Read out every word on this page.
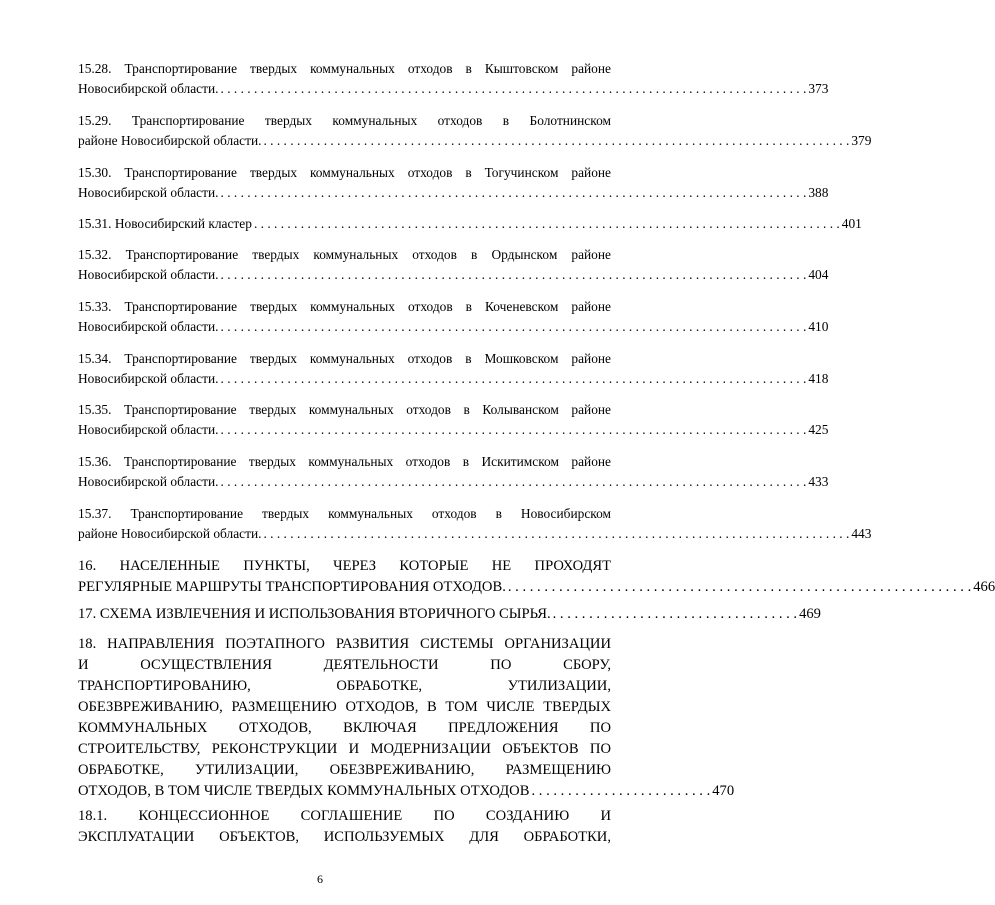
15.28. Транспортирование твердых коммунальных отходов в Кыштовском районе
Новосибирской области. . . . . . . . . . . . . . . . . . . . . . . . . . . . . . . . . . . . . . . . . . . . . . . . . . . . . . . . . . . . . . . . . . . . . . . . . . . . . . . . . . . . . . . . . 373
15.29. Транспортирование твердых коммунальных отходов в Болотнинском
районе Новосибирской области. . . . . . . . . . . . . . . . . . . . . . . . . . . . . . . . . . . . . . . . . . . . . . . . . . . . . . . . . . . . . . . . . . . . . . . . . . . . . . . . . . . . . . . . . 379
15.30. Транспортирование твердых коммунальных отходов в Тогучинском районе
Новосибирской области. . . . . . . . . . . . . . . . . . . . . . . . . . . . . . . . . . . . . . . . . . . . . . . . . . . . . . . . . . . . . . . . . . . . . . . . . . . . . . . . . . . . . . . . . 388
15.31. Новосибирский кластер . . . . . . . . . . . . . . . . . . . . . . . . . . . . . . . . . . . . . . . . . . . . . . . . . . . . . . . . . . . . . . . . . . . . . . . . . . . . . . . . . . . . . . . . 401
15.32. Транспортирование твердых коммунальных отходов в Ордынском районе
Новосибирской области. . . . . . . . . . . . . . . . . . . . . . . . . . . . . . . . . . . . . . . . . . . . . . . . . . . . . . . . . . . . . . . . . . . . . . . . . . . . . . . . . . . . . . . . . 404
15.33. Транспортирование твердых коммунальных отходов в Коченевском районе
Новосибирской области. . . . . . . . . . . . . . . . . . . . . . . . . . . . . . . . . . . . . . . . . . . . . . . . . . . . . . . . . . . . . . . . . . . . . . . . . . . . . . . . . . . . . . . . . 410
15.34. Транспортирование твердых коммунальных отходов в Мошковском районе
Новосибирской области. . . . . . . . . . . . . . . . . . . . . . . . . . . . . . . . . . . . . . . . . . . . . . . . . . . . . . . . . . . . . . . . . . . . . . . . . . . . . . . . . . . . . . . . . 418
15.35. Транспортирование твердых коммунальных отходов в Колыванском районе
Новосибирской области. . . . . . . . . . . . . . . . . . . . . . . . . . . . . . . . . . . . . . . . . . . . . . . . . . . . . . . . . . . . . . . . . . . . . . . . . . . . . . . . . . . . . . . . . 425
15.36. Транспортирование твердых коммунальных отходов в Искитимском районе
Новосибирской области. . . . . . . . . . . . . . . . . . . . . . . . . . . . . . . . . . . . . . . . . . . . . . . . . . . . . . . . . . . . . . . . . . . . . . . . . . . . . . . . . . . . . . . . . 433
15.37. Транспортирование твердых коммунальных отходов в Новосибирском
районе Новосибирской области. . . . . . . . . . . . . . . . . . . . . . . . . . . . . . . . . . . . . . . . . . . . . . . . . . . . . . . . . . . . . . . . . . . . . . . . . . . . . . . . . . . . . . . . . 443
16. НАСЕЛЕННЫЕ ПУНКТЫ, ЧЕРЕЗ КОТОРЫЕ НЕ ПРОХОДЯТ
РЕГУЛЯРНЫЕ МАРШРУТЫ ТРАНСПОРТИРОВАНИЯ ОТХОДОВ. . . . . . . . . . . . . . . . . . . . . . . . . . . . . . . . . . . . . . . . . . . . . . . . . . . . . . . . . . . . . . . . . 466
17. СХЕМА ИЗВЛЕЧЕНИЯ И ИСПОЛЬЗОВАНИЯ ВТОРИЧНОГО СЫРЬЯ. . . . . . . . . . . . . . . . . . . . . . . . . . . . . . . . . . . 469
18. НАПРАВЛЕНИЯ ПОЭТАПНОГО РАЗВИТИЯ СИСТЕМЫ ОРГАНИЗАЦИИ
И ОСУЩЕСТВЛЕНИЯ ДЕЯТЕЛЬНОСТИ ПО СБОРУ,
ТРАНСПОРТИРОВАНИЮ, ОБРАБОТКЕ, УТИЛИЗАЦИИ,
ОБЕЗВРЕЖИВАНИЮ, РАЗМЕЩЕНИЮ ОТХОДОВ, В ТОМ ЧИСЛЕ ТВЕРДЫХ
КОММУНАЛЬНЫХ ОТХОДОВ, ВКЛЮЧАЯ ПРЕДЛОЖЕНИЯ ПО
СТРОИТЕЛЬСТВУ, РЕКОНСТРУКЦИИ И МОДЕРНИЗАЦИИ ОБЪЕКТОВ ПО
ОБРАБОТКЕ, УТИЛИЗАЦИИ, ОБЕЗВРЕЖИВАНИЮ, РАЗМЕЩЕНИЮ
ОТХОДОВ, В ТОМ ЧИСЛЕ ТВЕРДЫХ КОММУНАЛЬНЫХ ОТХОДОВ . . . . . . . . . . . . . . . . . . . . . . . . . 470
18.1. КОНЦЕССИОННОЕ СОГЛАШЕНИЕ ПО СОЗДАНИЮ И
ЭКСПЛУАТАЦИИ ОБЪЕКТОВ, ИСПОЛЬЗУЕМЫХ ДЛЯ ОБРАБОТКИ,
6
